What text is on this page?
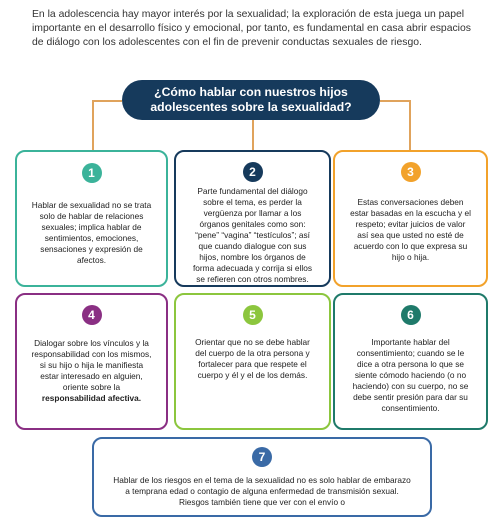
En la adolescencia hay mayor interés por la sexualidad; la exploración de esta juega un papel importante en el desarrollo físico y emocional, por tanto, es fundamental en casa abrir espacios de diálogo con los adolescentes con el fin de prevenir conductas sexuales de riesgo.
¿Cómo hablar con nuestros hijos adolescentes sobre la sexualidad?
1
Hablar de sexualidad no se trata solo de hablar de relaciones sexuales; implica hablar de sentimientos, emociones, sensaciones y expresión de afectos.
2
Parte fundamental del diálogo sobre el tema, es perder la vergüenza por llamar a los órganos genitales como son: “pene” “vagina” “testículos”; así que cuando dialogue con sus hijos, nombre los órganos de forma adecuada y corrija si ellos se refieren con otros nombres.
3
Estas conversaciones deben estar basadas en la escucha y el respeto; evitar juicios de valor así sea que usted no esté de acuerdo con lo que expresa su hijo o hija.
4
Dialogar sobre los vínculos y la responsabilidad con los mismos, si su hijo o hija le manifiesta estar interesado en alguien, oriente sobre la responsabilidad afectiva.
5
Orientar que no se debe hablar del cuerpo de la otra persona y fortalecer para que respete el cuerpo y él y el de los demás.
6
Importante hablar del consentimiento; cuando se le dice a otra persona lo que se siente cómodo haciendo (o no haciendo) con su cuerpo, no se debe sentir presión para dar su consentimiento.
7
Hablar de los riesgos en el tema de la sexualidad no es solo hablar de embarazo a temprana edad o contagio de alguna enfermedad de transmisión sexual. Riesgos también tiene que ver con el envío o
